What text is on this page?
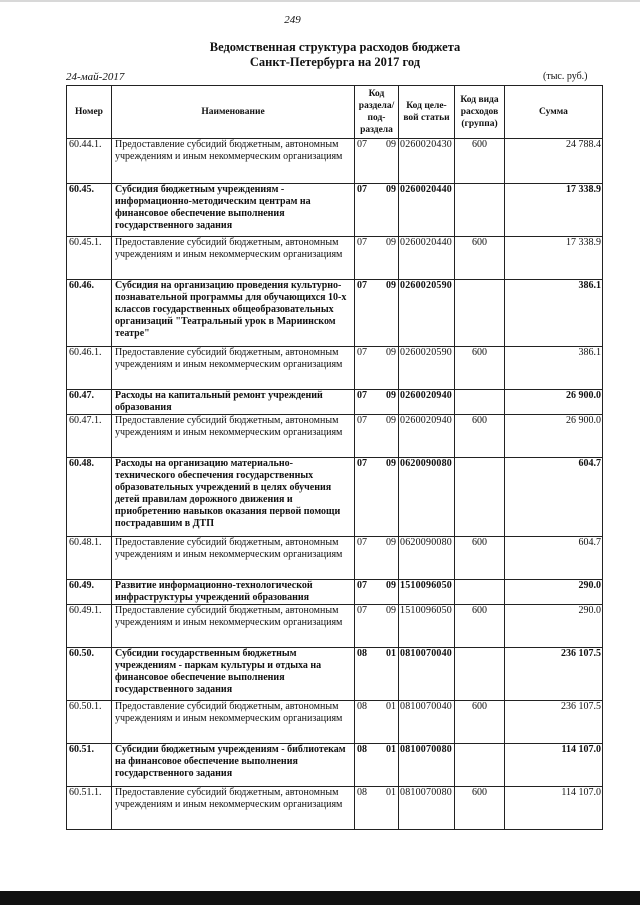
249
Ведомственная структура расходов бюджета
Санкт-Петербурга на 2017 год
24-май-2017	(тыс. руб.)
Номер	Наименование	Код раздела/ под-раздела	Код целе-вой статьи	Код вида расходов (группа)	Сумма
60.44.1.	Предоставление субсидий бюджетным, автономным учреждениям и иным некоммерческим организациям	07 09	0260020430	600	24 788.4
60.45.	Субсидия бюджетным учреждениям - информационно-методическим центрам на финансовое обеспечение выполнения государственного задания	07 09	0260020440		17 338.9
60.45.1.	Предоставление субсидий бюджетным, автономным учреждениям и иным некоммерческим организациям	07 09	0260020440	600	17 338.9
60.46.	Субсидия на организацию проведения культурно-познавательной программы для обучающихся 10-х классов государственных общеобразовательных организаций "Театральный урок в Мариинском театре"	07 09	0260020590		386.1
60.46.1.	Предоставление субсидий бюджетным, автономным учреждениям и иным некоммерческим организациям	07 09	0260020590	600	386.1
60.47.	Расходы на капитальный ремонт учреждений образования	07 09	0260020940		26 900.0
60.47.1.	Предоставление субсидий бюджетным, автономным учреждениям и иным некоммерческим организациям	07 09	0260020940	600	26 900.0
60.48.	Расходы на организацию материально-технического обеспечения государственных образовательных учреждений в целях обучения детей правилам дорожного движения и приобретению навыков оказания первой помощи пострадавшим в ДТП	07 09	0620090080		604.7
60.48.1.	Предоставление субсидий бюджетным, автономным учреждениям и иным некоммерческим организациям	07 09	0620090080	600	604.7
60.49.	Развитие информационно-технологической инфраструктуры учреждений образования	07 09	1510096050		290.0
60.49.1.	Предоставление субсидий бюджетным, автономным учреждениям и иным некоммерческим организациям	07 09	1510096050	600	290.0
60.50.	Субсидии государственным бюджетным учреждениям - паркам культуры и отдыха на финансовое обеспечение выполнения государственного задания	08 01	0810070040		236 107.5
60.50.1.	Предоставление субсидий бюджетным, автономным учреждениям и иным некоммерческим организациям	08 01	0810070040	600	236 107.5
60.51.	Субсидии бюджетным учреждениям - библиотекам на финансовое обеспечение выполнения государственного задания	08 01	0810070080		114 107.0
60.51.1.	Предоставление субсидий бюджетным, автономным учреждениям и иным некоммерческим организациям	08 01	0810070080	600	114 107.0
